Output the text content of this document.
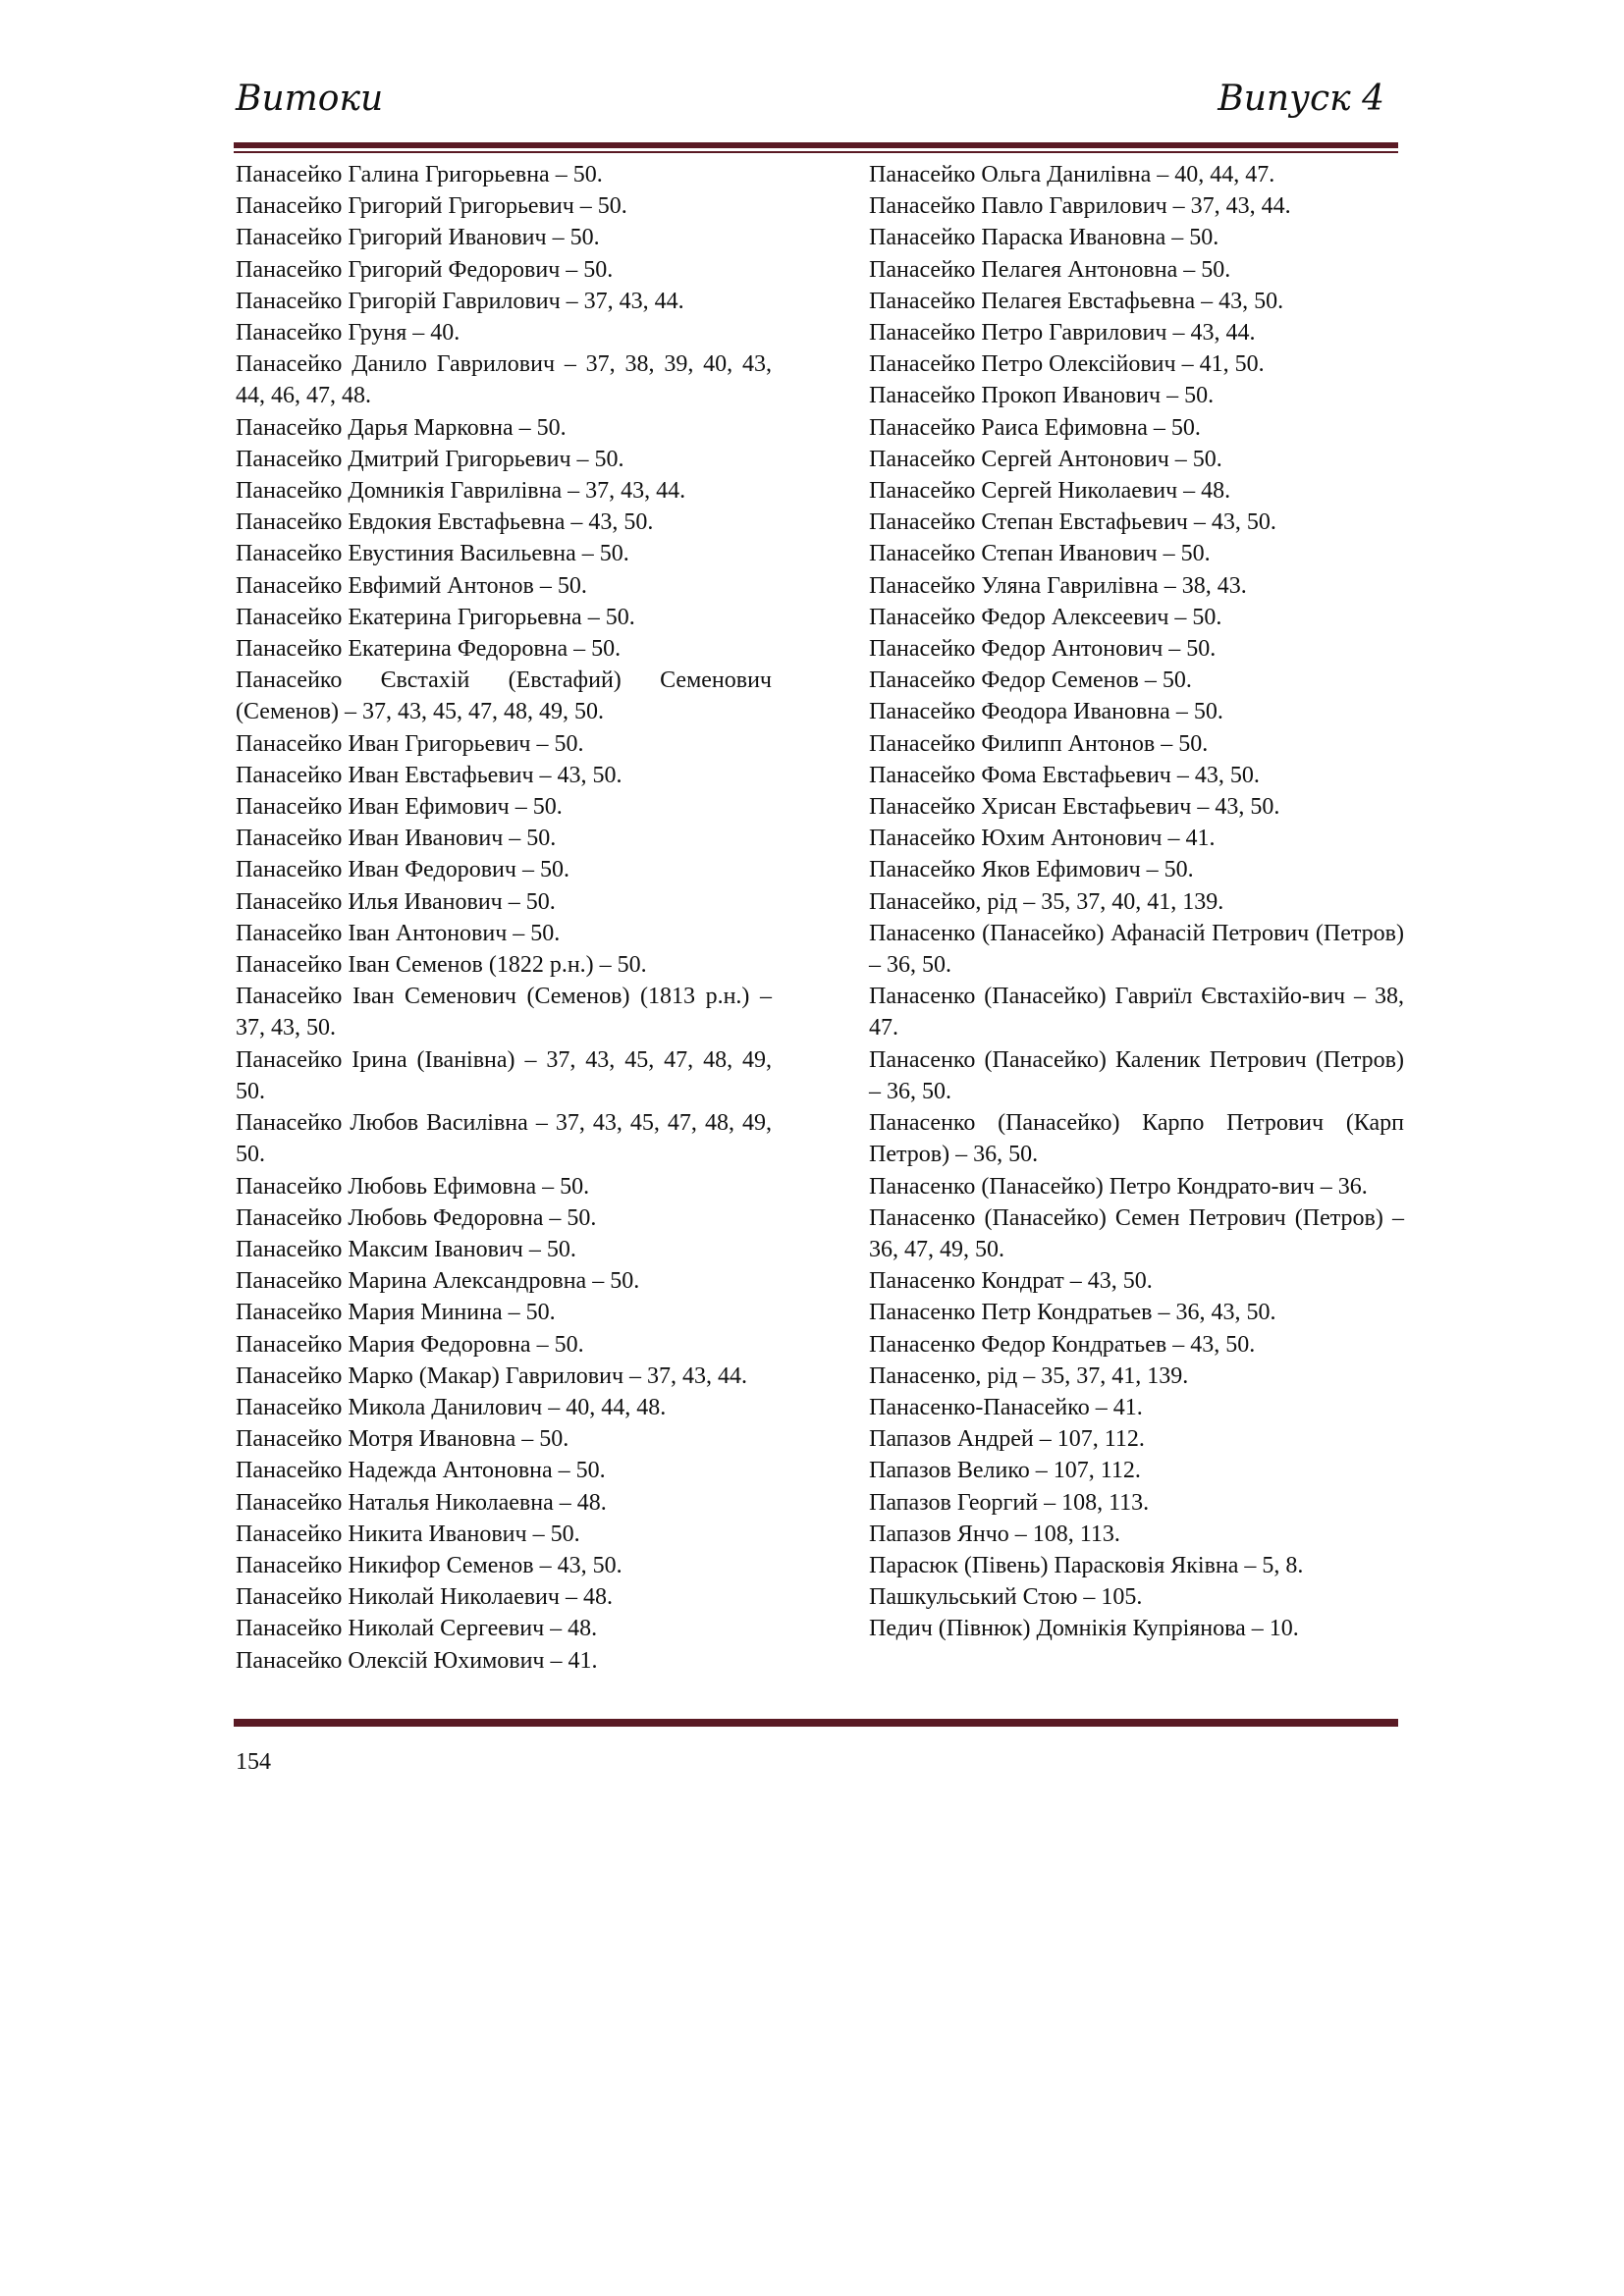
Витоки	Випуск 4

Панасейко Галина Григорьевна – 50.

Панасейко Григорий Григорьевич – 50.

Панасейко Григорий Иванович – 50.

Панасейко Григорий Федорович – 50.

Панасейко Григорій Гаврилович – 37, 43, 44.

Панасейко Груня – 40.

Панасейко Данило Гаврилович – 37, 38, 39, 40, 43, 44, 46, 47, 48.

Панасейко Дарья Марковна – 50.

Панасейко Дмитрий Григорьевич – 50.

Панасейко Домникія Гаврилівна – 37, 43, 44.

Панасейко Евдокия Евстафьевна – 43, 50.

Панасейко Евустиния Васильевна – 50.

Панасейко Евфимий Антонов – 50.

Панасейко Екатерина Григорьевна – 50.

Панасейко Екатерина Федоровна – 50.

Панасейко Євстахій (Евстафий) Семенович (Семенов) – 37, 43, 45, 47, 48, 49, 50.

Панасейко Иван Григорьевич – 50.

Панасейко Иван Евстафьевич – 43, 50.

Панасейко Иван Ефимович – 50.

Панасейко Иван Иванович – 50.

Панасейко Иван Федорович – 50.

Панасейко Илья Иванович – 50.

Панасейко Іван Антонович – 50.

Панасейко Іван Семенов (1822 р.н.) – 50.

Панасейко Іван Семенович (Семенов) (1813 р.н.) – 37, 43, 50.

Панасейко Ірина (Іванівна) – 37, 43, 45, 47, 48, 49, 50.

Панасейко Любов Василівна – 37, 43, 45, 47, 48, 49, 50.

Панасейко Любовь Ефимовна – 50.

Панасейко Любовь Федоровна – 50.

Панасейко Максим Іванович – 50.

Панасейко Марина Александровна – 50.

Панасейко Мария Минина – 50.

Панасейко Мария Федоровна – 50.

Панасейко Марко (Макар) Гаврилович – 37, 43, 44.

Панасейко Микола Данилович – 40, 44, 48.

Панасейко Мотря Ивановна – 50.

Панасейко Надежда Антоновна – 50.

Панасейко Наталья Николаевна – 48.

Панасейко Никита Иванович – 50.

Панасейко Никифор Семенов – 43, 50.

Панасейко Николай Николаевич – 48.

Панасейко Николай Сергеевич – 48.

Панасейко Олексій Юхимович – 41.

Панасейко Ольга Данилівна – 40, 44, 47.

Панасейко Павло Гаврилович – 37, 43, 44.

Панасейко Параска Ивановна – 50.

Панасейко Пелагея Антоновна – 50.

Панасейко Пелагея Евстафьевна – 43, 50.

Панасейко Петро Гаврилович – 43, 44.

Панасейко Петро Олексійович – 41, 50.

Панасейко Прокоп Иванович – 50.

Панасейко Раиса Ефимовна – 50.

Панасейко Сергей Антонович – 50.

Панасейко Сергей Николаевич – 48.

Панасейко Степан Евстафьевич – 43, 50.

Панасейко Степан Иванович – 50.

Панасейко Уляна Гаврилівна – 38, 43.

Панасейко Федор Алексеевич – 50.

Панасейко Федор Антонович – 50.

Панасейко Федор Семенов – 50.

Панасейко Феодора Ивановна – 50.

Панасейко Филипп Антонов – 50.

Панасейко Фома Евстафьевич – 43, 50.

Панасейко Хрисан Евстафьевич – 43, 50.

Панасейко Юхим Антонович – 41.

Панасейко Яков Ефимович – 50.

Панасейко, рід – 35, 37, 40, 41, 139.

Панасенко (Панасейко) Афанасій Петрович (Петров) – 36, 50.

Панасенко (Панасейко) Гавриїл Євстахійо-вич – 38, 47.

Панасенко (Панасейко) Каленик Петрович (Петров) – 36, 50.

Панасенко (Панасейко) Карпо Петрович (Карп Петров) – 36, 50.

Панасенко (Панасейко) Петро Кондрато-вич – 36.

Панасенко (Панасейко) Семен Петрович (Петров) – 36, 47, 49, 50.

Панасенко Кондрат – 43, 50.

Панасенко Петр Кондратьев – 36, 43, 50.

Панасенко Федор Кондратьев – 43, 50.

Панасенко, рід – 35, 37, 41, 139.

Панасенко-Панасейко – 41.

Папазов Андрей – 107, 112.

Папазов Велико – 107, 112.

Папазов Георгий – 108, 113.

Папазов Янчо – 108, 113.

Парасюк (Півень) Парасковія Яківна – 5, 8.

Пашкульський Стою – 105.

Педич (Півнюк) Домнікія Купріянова – 10.

154
